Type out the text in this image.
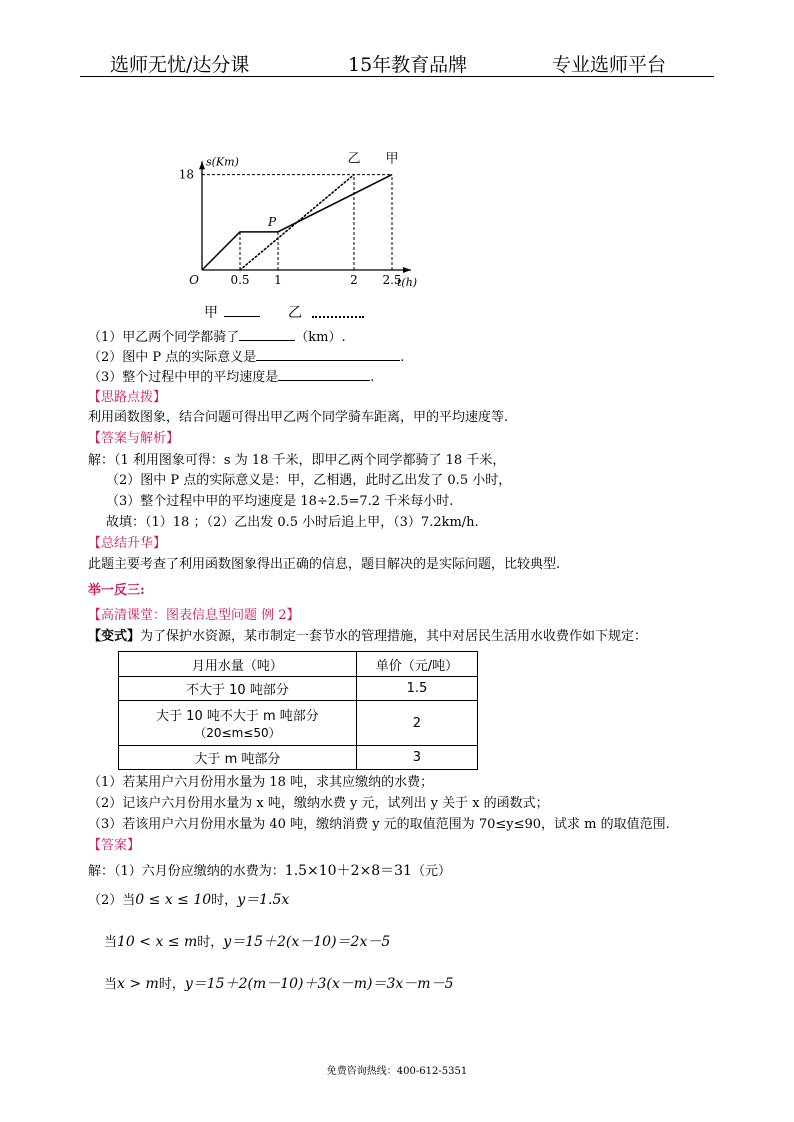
选师无忧/达分课	15年教育品牌	专业选师平台
s(Km)
t(h)
O
18
0.5 1	2 2.5
甲
乙
P
甲	乙
（1）甲乙两个同学都骑了	（km）.
（2）图中 P 点的实际意义是	.
（3）整个过程中甲的平均速度是	.
【思路点拨】
利用函数图象，结合问题可得出甲乙两个同学骑车距离，甲的平均速度等.
【答案与解析】
解：（1 利用图象可得：s 为 18 千米，即甲乙两个同学都骑了 18 千米，
（2）图中 P 点的实际意义是：甲，乙相遇，此时乙出发了 0.5 小时，
（3）整个过程中甲的平均速度是 18÷2.5=7.2 千米每小时.
故填：（1）18 ；（2）乙出发 0.5 小时后追上甲，（3）7.2km/h.
【总结升华】
此题主要考查了利用函数图象得出正确的信息，题目解决的是实际问题，比较典型.
举一反三:
【高清课堂：图表信息型问题 例 2】
【变式】为了保护水资源，某市制定一套节水的管理措施，其中对居民生活用水收费作如下规定：
月用水量（吨）	单价（元/吨）
不大于 10 吨部分	1.5

大于 10 吨不大于 m 吨部分
（20≤m≤50）	2
大于 m 吨部分	3
（1）若某用户六月份用水量为 18 吨，求其应缴纳的水费；
（2）记该户六月份用水量为 x 吨，缴纳水费 y 元，试列出 y 关于 x 的函数式；
（3）若该用户六月份用水量为 40 吨，缴纳消费 y 元的取值范围为 70≤y≤90，试求 m 的取值范围.
【答案】
解：（1）六月份应缴纳的水费为：1.5×10＋2×8＝31（元）
（2）当0 ≤ x ≤ 10时，y＝1.5x
当10 < x ≤ m时，y＝15＋2(x－10)＝2x－5
当x > m时，y＝15＋2(m－10)＋3(x－m)＝3x－m－5
免费咨询热线：400-612-5351
